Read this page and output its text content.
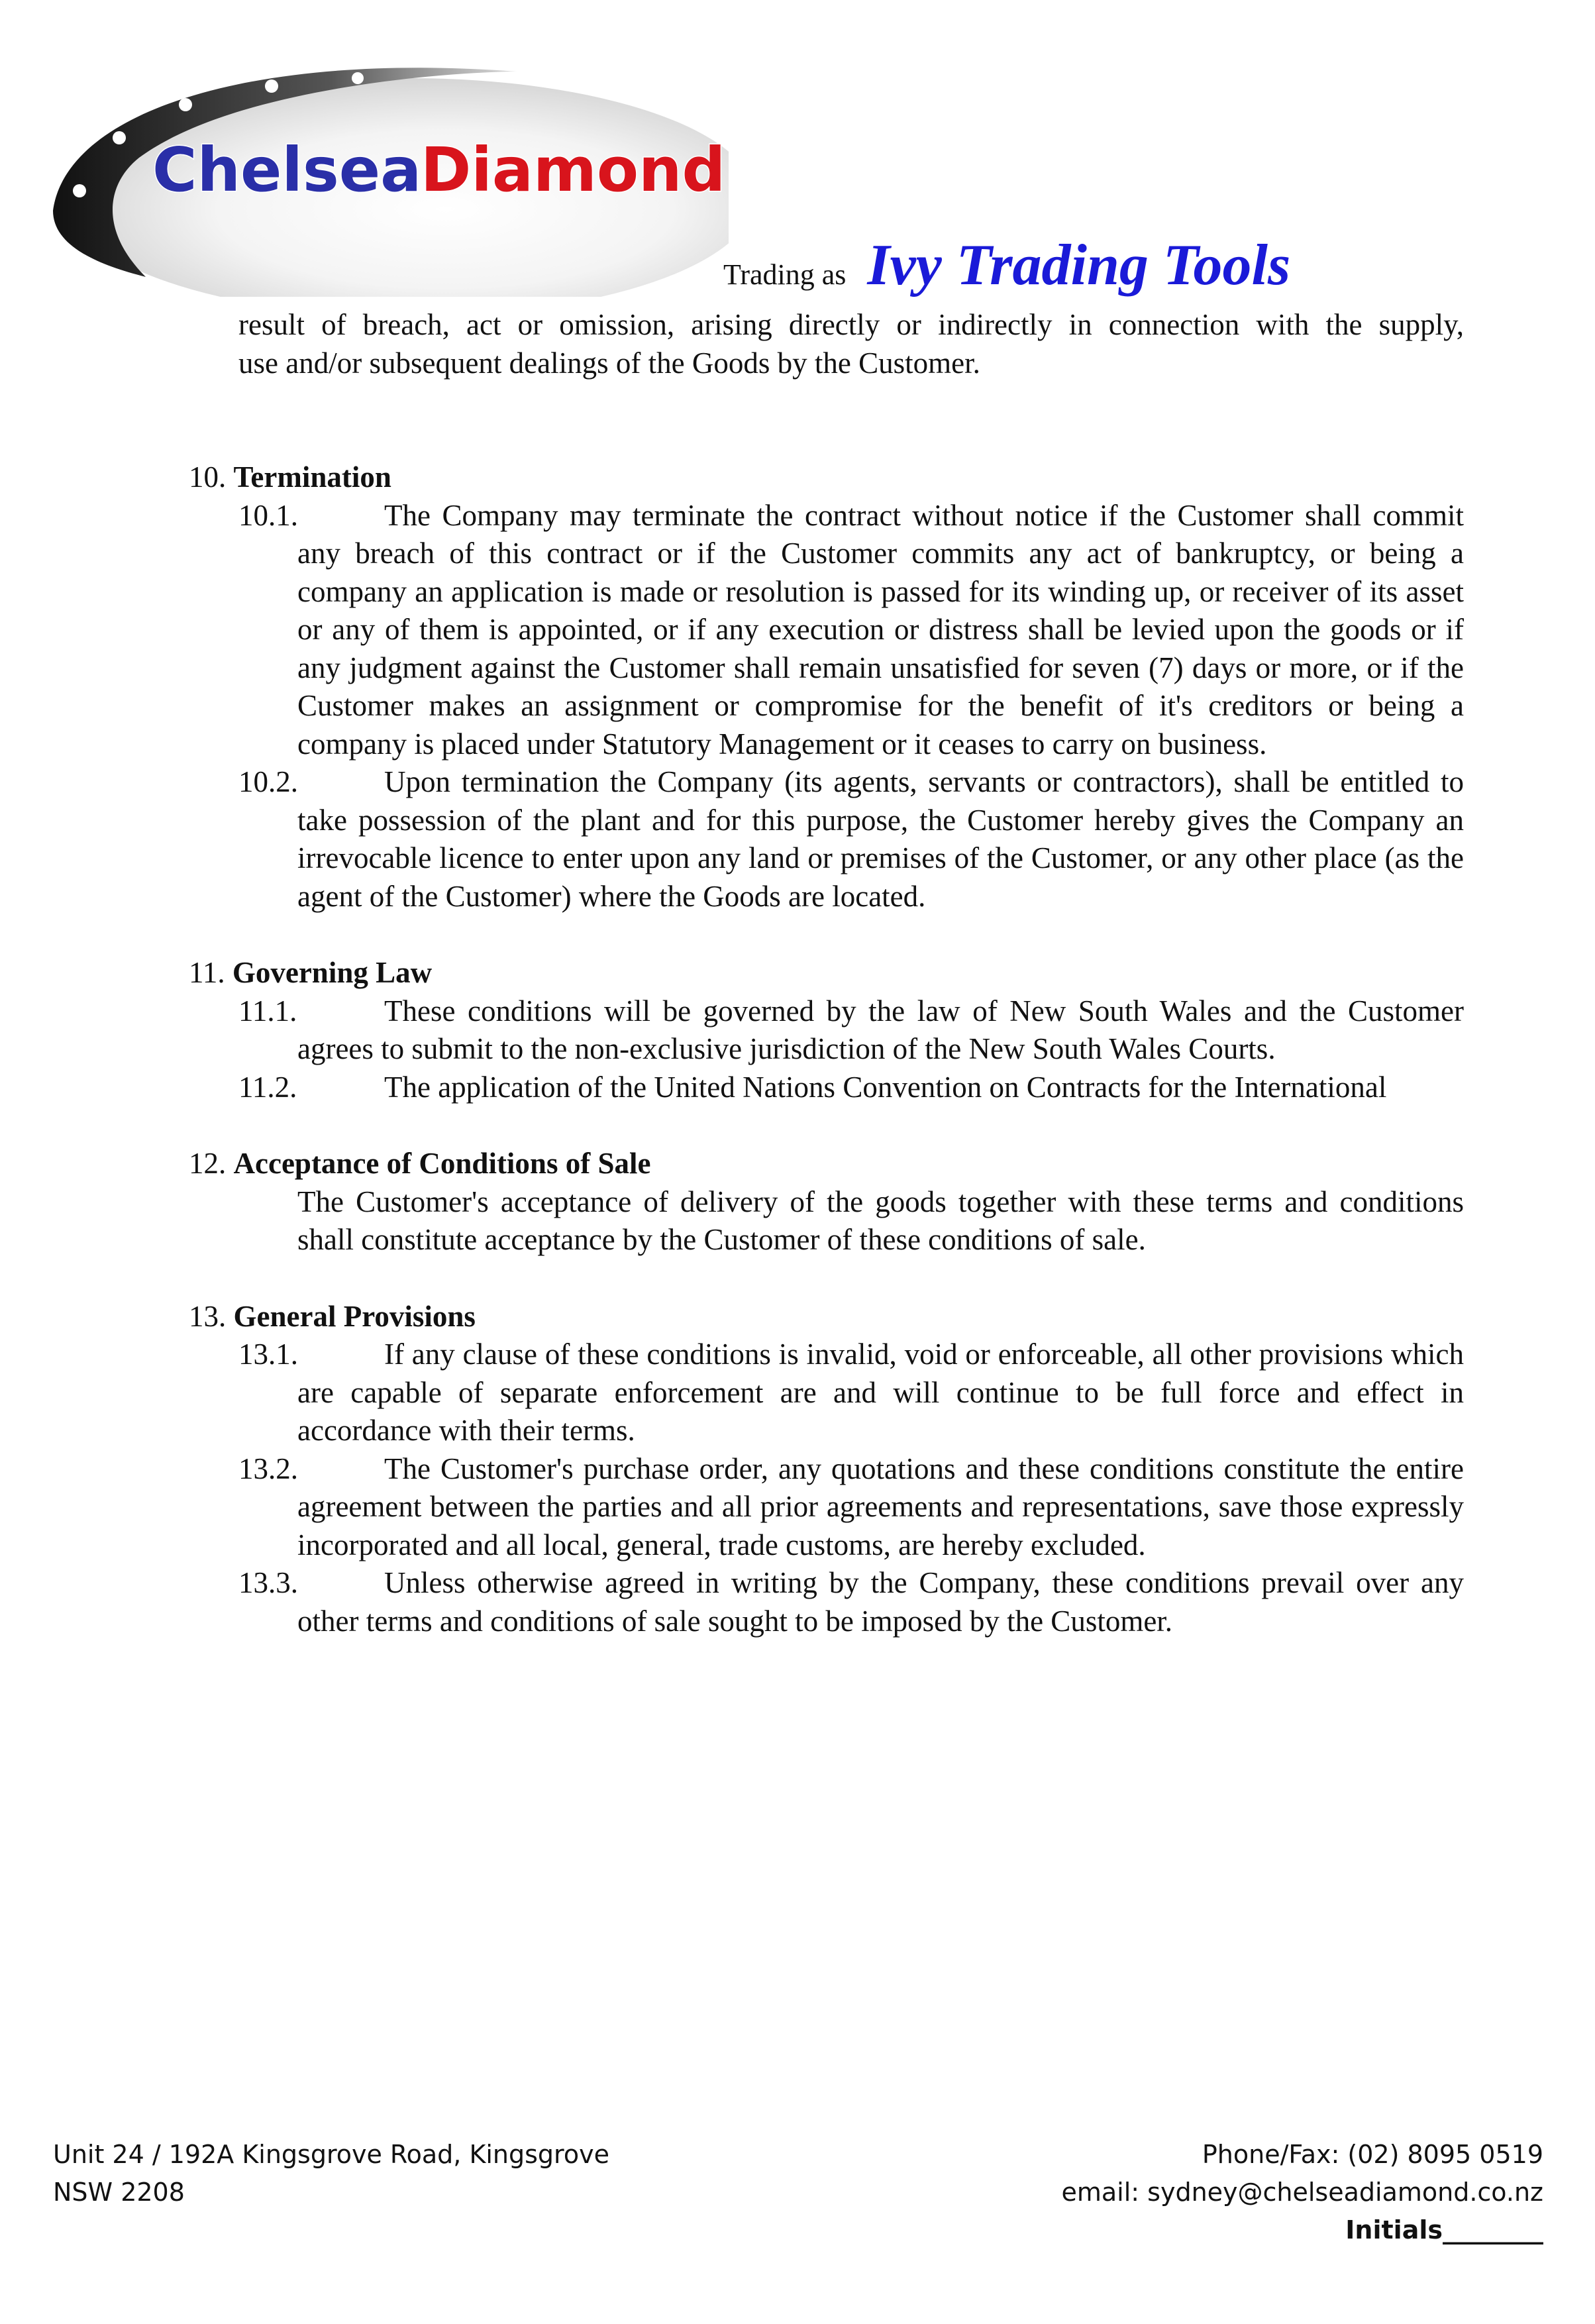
Chelsea
Diamond
Trading as Ivy Trading Tools
result of breach, act or omission, arising directly or indirectly in connection with the supply,
use and/or subsequent dealings of the Goods by the Customer.
10. Termination
10.1.	The Company may terminate the contract without notice if the Customer shall commit any breach of this contract or if the Customer commits any act of bankruptcy, or being a company an application is made or resolution is passed for its winding up, or receiver of its asset or any of them is appointed, or if any execution or distress shall be levied upon the goods or if any judgment against the Customer shall remain unsatisfied for seven (7) days or more, or if the Customer makes an assignment or compromise for the benefit of it's creditors or being a company is placed under Statutory Management or it ceases to carry on business.

10.2.	Upon termination the Company (its agents, servants or contractors), shall be entitled to take possession of the plant and for this purpose, the Customer hereby gives the Company an irrevocable licence to enter upon any land or premises of the Customer, or any other place (as the agent of the Customer) where the Goods are located.

11. Governing Law
11.1.	These conditions will be governed by the law of New South Wales and the Customer agrees to submit to the non-exclusive jurisdiction of the New South Wales Courts.

11.2.	The application of the United Nations Convention on Contracts for the International

12. Acceptance of Conditions of Sale

The Customer's acceptance of delivery of the goods together with these terms and conditions shall constitute acceptance by the Customer of these conditions of sale.

13. General Provisions
13.1.	If any clause of these conditions is invalid, void or enforceable, all other provisions which are capable of separate enforcement are and will continue to be full force and effect in accordance with their terms.

13.2.	The Customer's purchase order, any quotations and these conditions constitute the entire agreement between the parties and all prior agreements and representations, save those expressly incorporated and all local, general, trade customs, are hereby excluded.

13.3.	Unless otherwise agreed in writing by the Company, these conditions prevail over any other terms and conditions of sale sought to be imposed by the Customer.

Unit 24 / 192A Kingsgrove Road, Kingsgrove
NSW 2208
Phone/Fax: (02) 8095 0519
email: sydney@chelseadiamond.co.nz
Initials________
